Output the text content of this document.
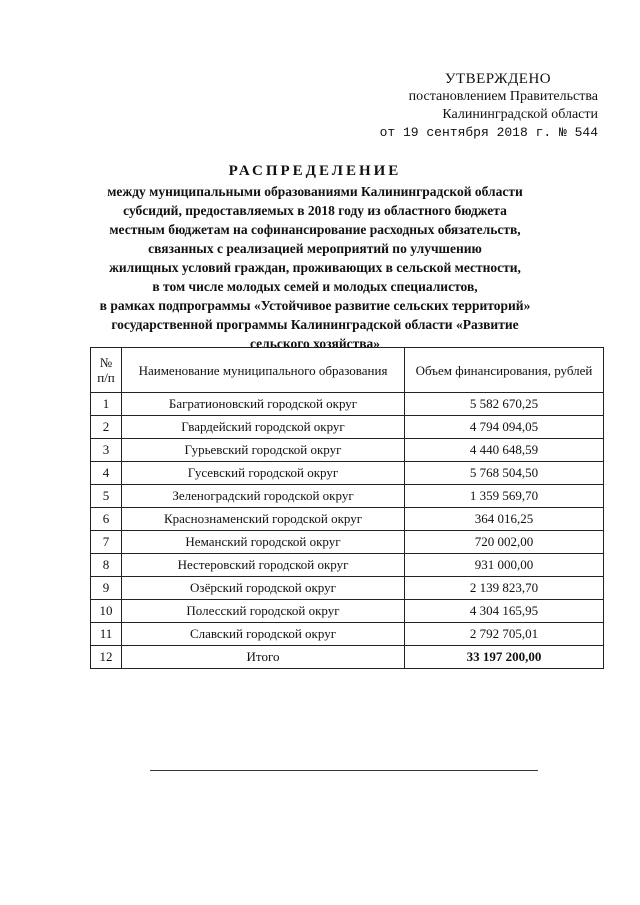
УТВЕРЖДЕНО
постановлением Правительства
Калининградской области
от 19 сентября 2018 г. № 544
РАСПРЕДЕЛЕНИЕ
между муниципальными образованиями Калининградской области
субсидий, предоставляемых в 2018 году из областного бюджета
местным бюджетам на софинансирование расходных обязательств,
связанных с реализацией мероприятий по улучшению
жилищных условий граждан, проживающих в сельской местности,
в том числе молодых семей и молодых специалистов,
в рамках подпрограммы «Устойчивое развитие сельских территорий»
государственной программы Калининградской области «Развитие
сельского хозяйства»
№ п/п	Наименование муниципального образования	Объем финансирования, рублей
1	Багратионовский городской округ	5 582 670,25
2	Гвардейский городской округ	4 794 094,05
3	Гурьевский городской округ	4 440 648,59
4	Гусевский городской округ	5 768 504,50
5	Зеленоградский городской округ	1 359 569,70
6	Краснознаменский городской округ	364 016,25
7	Неманский городской округ	720 002,00
8	Нестеровский городской округ	931 000,00
9	Озёрский городской округ	2 139 823,70
10	Полесский городской округ	4 304 165,95
11	Славский городской округ	2 792 705,01
12	Итого	33 197 200,00
